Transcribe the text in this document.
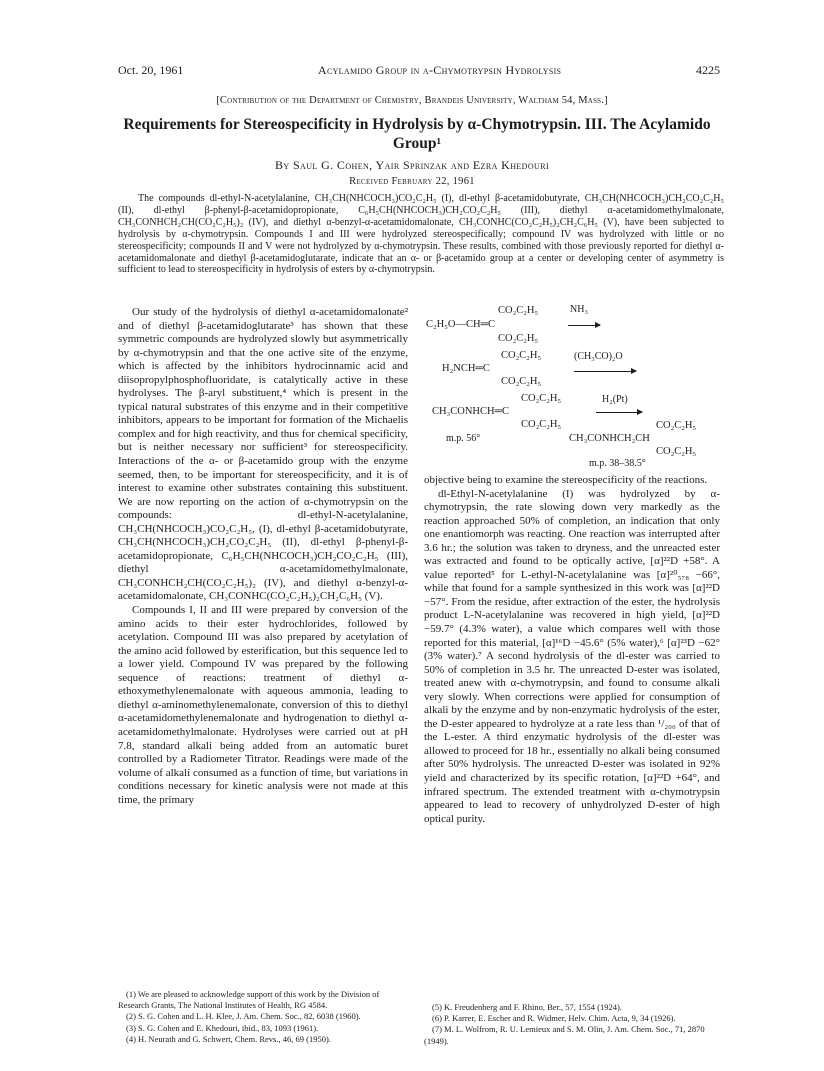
Oct. 20, 1961	Acylamido Group in α-Chymotrypsin Hydrolysis	4225
[Contribution of the Department of Chemistry, Brandeis University, Waltham 54, Mass.]
Requirements for Stereospecificity in Hydrolysis by α-Chymotrypsin. III. The Acylamido Group¹
By Saul G. Cohen, Yair Sprinzak and Ezra Khedouri
Received February 22, 1961
The compounds dl-ethyl-N-acetylalanine, CH₃CH(NHCOCH₃)CO₂C₂H₅ (I), dl-ethyl β-acetamidobutyrate, CH₃CH(NHCOCH₃)CH₂CO₂C₂H₅ (II), dl-ethyl β-phenyl-β-acetamidopropionate, C₆H₅CH(NHCOCH₃)CH₂CO₂C₂H₅ (III), diethyl α-acetamidomethylmalonate, CH₃CONHCH₂CH(CO₂C₂H₅)₂ (IV), and diethyl α-benzyl-α-acetamidomalonate, CH₃CONHC(CO₂C₂H₅)₂CH₂C₆H₅ (V), have been subjected to hydrolysis by α-chymotrypsin. Compounds I and III were hydrolyzed stereospecifically; compound IV was hydrolyzed with little or no stereospecificity; compounds II and V were not hydrolyzed by α-chymotrypsin. These results, combined with those previously reported for diethyl α-acetamidomalonate and diethyl β-acetamidoglutarate, indicate that an α- or β-acetamido group at a center or developing center of asymmetry is sufficient to lead to stereospecificity in hydrolysis of esters by α-chymotrypsin.

Our study of the hydrolysis of diethyl α-acetamidomalonate² and of diethyl β-acetamidoglutarate³ has shown that these symmetric compounds are hydrolyzed slowly but asymmetrically by α-chymotrypsin and that the one active site of the enzyme, which is affected by the inhibitors hydrocinnamic acid and diisopropylphosphofluoridate, is catalytically active in these hydrolyses. The β-aryl substituent,⁴ which is present in the typical natural substrates of this enzyme and in their competitive inhibitors, appears to be important for formation of the Michaelis complex and for high reactivity, and thus for chemical specificity, but is neither necessary nor sufficient³ for stereospecificity. Interactions of the α- or β-acetamido group with the enzyme seemed, then, to be important for stereospecificity, and it is of interest to examine other substrates containing this substituent. We are now reporting on the action of α-chymotrypsin on the compounds: dl-ethyl-N-acetylalanine, CH₃CH(NHCOCH₃)CO₂C₂H₅, (I), dl-ethyl β-acetamidobutyrate, CH₃CH(NHCOCH₃)CH₂CO₂C₂H₅ (II), dl-ethyl β-phenyl-β-acetamidopropionate, C₆H₅CH(NHCOCH₃)CH₂CO₂C₂H₅ (III), diethyl α-acetamidomethylmalonate, CH₃CONHCH₂CH(CO₂C₂H₅)₂ (IV), and diethyl α-benzyl-α-acetamidomalonate, CH₃CONHC(CO₂C₂H₅)₂CH₂C₆H₅ (V).

Compounds I, II and III were prepared by conversion of the amino acids to their ester hydrochlorides, followed by acetylation. Compound III was also prepared by acetylation of the amino acid followed by esterification, but this sequence led to a lower yield. Compound IV was prepared by the following sequence of reactions: treatment of diethyl α-ethoxymethylenemalonate with aqueous ammonia, leading to diethyl α-aminomethylenemalonate, conversion of this to diethyl α-acetamidomethylenemalonate and hydrogenation to diethyl α-acetamidomethylmalonate. Hydrolyses were carried out at pH 7.8, standard alkali being added from an automatic buret controlled by a Radiometer Titrator. Readings were made of the volume of alkali consumed as a function of time, but variations in conditions necessary for kinetic analysis were not made at this time, the primary

C₂H₅O—CH═C
CO₂C₂H₅
CO₂C₂H₅
NH₃
H₂NCH═C
CO₂C₂H₅
CO₂C₂H₅
(CH₃CO)₂O
CH₃CONHCH═C
CO₂C₂H₅
CO₂C₂H₅
H₂(Pt)
m.p. 56°	CH₃CONHCH₂CH
CO₂C₂H₅
CO₂C₂H₅
m.p. 38–38.5°

objective being to examine the stereospecificity of the reactions.

dl-Ethyl-N-acetylalanine (I) was hydrolyzed by α-chymotrypsin, the rate slowing down very markedly as the reaction approached 50% of completion, an indication that only one enantiomorph was reacting. One reaction was interrupted after 3.6 hr.; the solution was taken to dryness, and the unreacted ester was extracted and found to be optically active, [α]²²D +58°. A value reported⁵ for L-ethyl-N-acetylalanine was [α]²⁰₅₇₈ −66°, while that found for a sample synthesized in this work was [α]²²D −57°. From the residue, after extraction of the ester, the hydrolysis product L-N-acetylalanine was recovered in high yield, [α]²²D −59.7° (4.3% water), a value which compares well with those reported for this material, [α]¹⁶D −45.6° (5% water),⁶ [α]²³D −62° (3% water).⁷ A second hydrolysis of the dl-ester was carried to 50% of completion in 3.5 hr. The unreacted D-ester was isolated, treated anew with α-chymotrypsin, and found to consume alkali very slowly. When corrections were applied for consumption of alkali by the enzyme and by non-enzymatic hydrolysis of the ester, the D-ester appeared to hydrolyze at a rate less than ¹/₂₀₀ of that of the L-ester. A third enzymatic hydrolysis of the dl-ester was allowed to proceed for 18 hr., essentially no alkali being consumed after 50% hydrolysis. The unreacted D-ester was isolated in 92% yield and characterized by its specific rotation, [α]²²D +64°, and infrared spectrum. The extended treatment with α-chymotrypsin appeared to lead to recovery of unhydrolyzed D-ester of high optical purity.

(1) We are pleased to acknowledge support of this work by the Division of Research Grants, The National Institutes of Health, RG 4584.
(2) S. G. Cohen and L. H. Klee, J. Am. Chem. Soc., 82, 6038 (1960).
(3) S. G. Cohen and E. Khedouri, ibid., 83, 1093 (1961).
(4) H. Neurath and G. Schwert, Chem. Revs., 46, 69 (1950).
(5) K. Freudenberg and F. Rhino, Ber., 57, 1554 (1924).
(6) P. Karrer, E. Escher and R. Widmer, Helv. Chim. Acta, 9, 34 (1926).
(7) M. L. Wolfrom, R. U. Lemieux and S. M. Olin, J. Am. Chem. Soc., 71, 2870 (1949).
